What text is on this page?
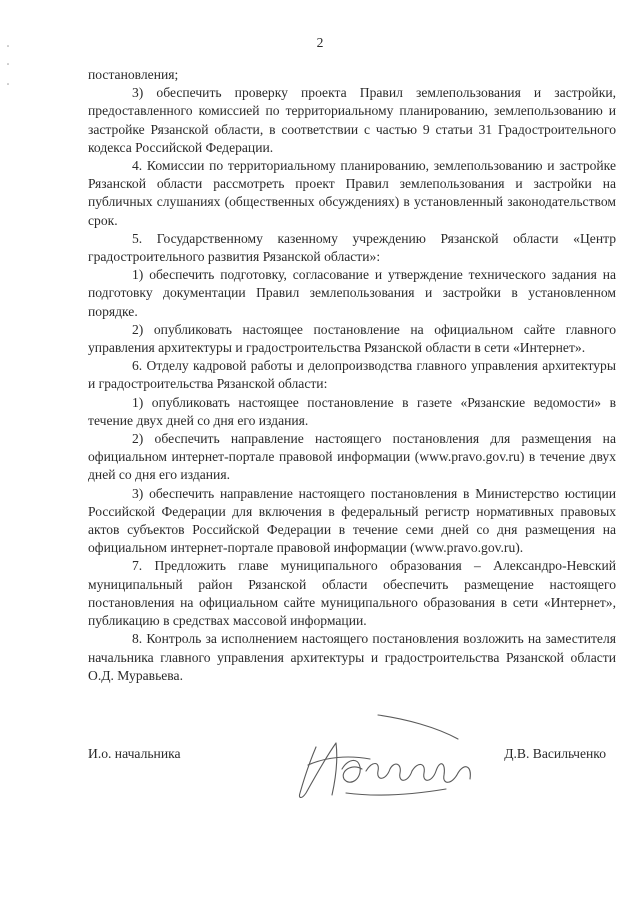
2

постановления;

3) обеспечить проверку проекта Правил землепользования и застройки, предоставленного комиссией по территориальному планированию, землепользованию и застройке Рязанской области, в соответствии с частью 9 статьи 31 Градостроительного кодекса Российской Федерации.

4. Комиссии по территориальному планированию, землепользованию и застройке Рязанской области рассмотреть проект Правил землепользования и застройки на публичных слушаниях (общественных обсуждениях) в установленный законодательством срок.

5. Государственному казенному учреждению Рязанской области «Центр градостроительного развития Рязанской области»:

1) обеспечить подготовку, согласование и утверждение технического задания на подготовку документации Правил землепользования и застройки в установленном порядке.

2) опубликовать настоящее постановление на официальном сайте главного управления архитектуры и градостроительства Рязанской области в сети «Интернет».

6. Отделу кадровой работы и делопроизводства главного управления архитектуры и градостроительства Рязанской области:

1) опубликовать настоящее постановление в газете «Рязанские ведомости» в течение двух дней со дня его издания.

2) обеспечить направление настоящего постановления для размещения на официальном интернет-портале правовой информации (www.pravo.gov.ru) в течение двух дней со дня его издания.

3) обеспечить направление настоящего постановления в Министерство юстиции Российской Федерации для включения в федеральный регистр нормативных правовых актов субъектов Российской Федерации в течение семи дней со дня размещения на официальном интернет-портале правовой информации (www.pravo.gov.ru).

7. Предложить главе муниципального образования – Александро-Невский муниципальный район Рязанской области обеспечить размещение настоящего постановления на официальном сайте муниципального образования в сети «Интернет», публикацию в средствах массовой информации.

8. Контроль за исполнением настоящего постановления возложить на заместителя начальника главного управления архитектуры и градостроительства Рязанской области О.Д. Муравьева.

И.о. начальника	Д.В. Васильченко
